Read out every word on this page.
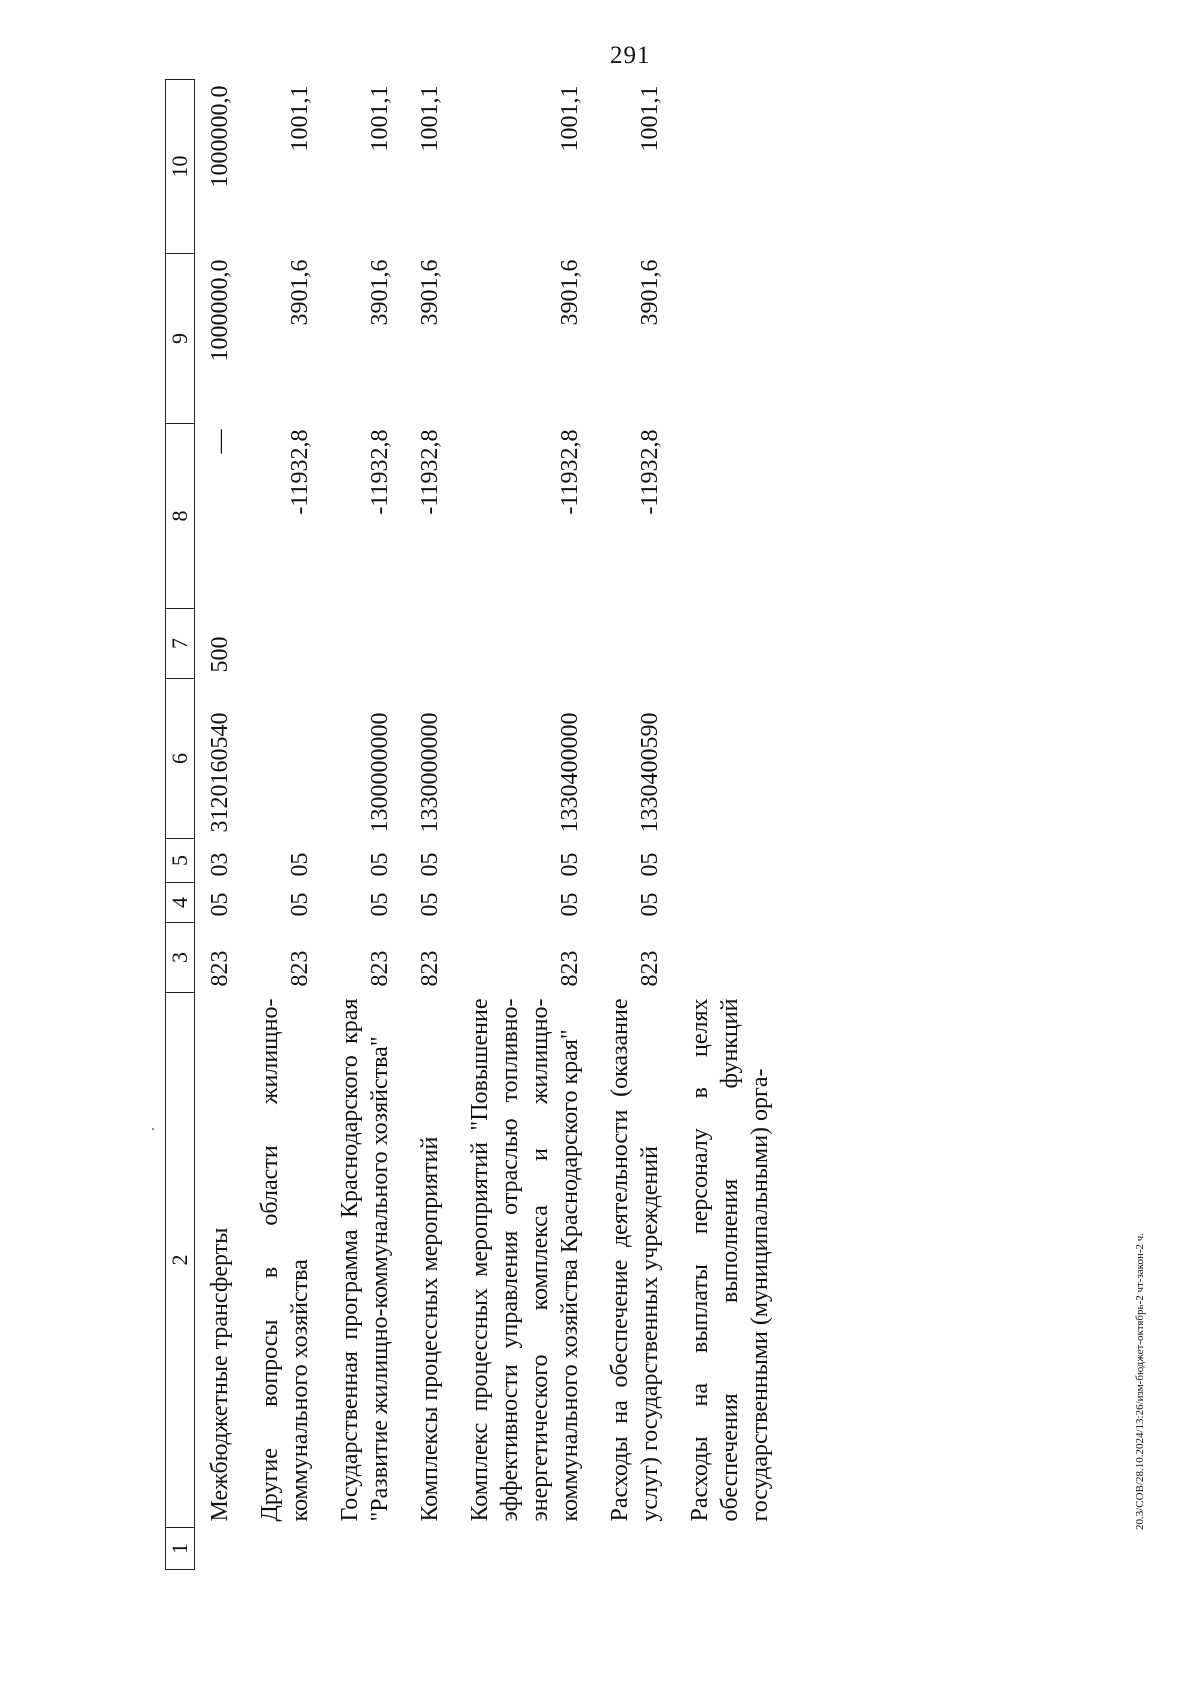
291
20.3/СОВ/28.10.2024/13:26/изм-бюджет-октябрь-2 чт-закон-2 ч.
1	2	3	4	5	6	7	8	9	10
	Межбюджетные трансферты	823	05	03	3120160540	500	—	1000000,0	1000000,0
	Другие вопросы в области жилищно-коммунального хозяйства	823	05	05			-11932,8	3901,6	1001,1
	Государственная программа Краснодарского края "Развитие жилищно-коммунального хозяйства"	823	05	05	1300000000		-11932,8	3901,6	1001,1
	Комплексы процессных мероприятий	823	05	05	1330000000		-11932,8	3901,6	1001,1
	Комплекс процессных мероприятий "Повышение эффективности управления отраслью топливно-энергетического комплекса и жилищно-коммунального хозяйства Краснодарского края"	823	05	05	1330400000		-11932,8	3901,6	1001,1
	Расходы на обеспечение деятельности (оказание услуг) государственных учреждений	823	05	05	1330400590		-11932,8	3901,6	1001,1
	Расходы на выплаты персоналу в целях обеспечения выполнения функций государственными (муниципальными) орга-								
